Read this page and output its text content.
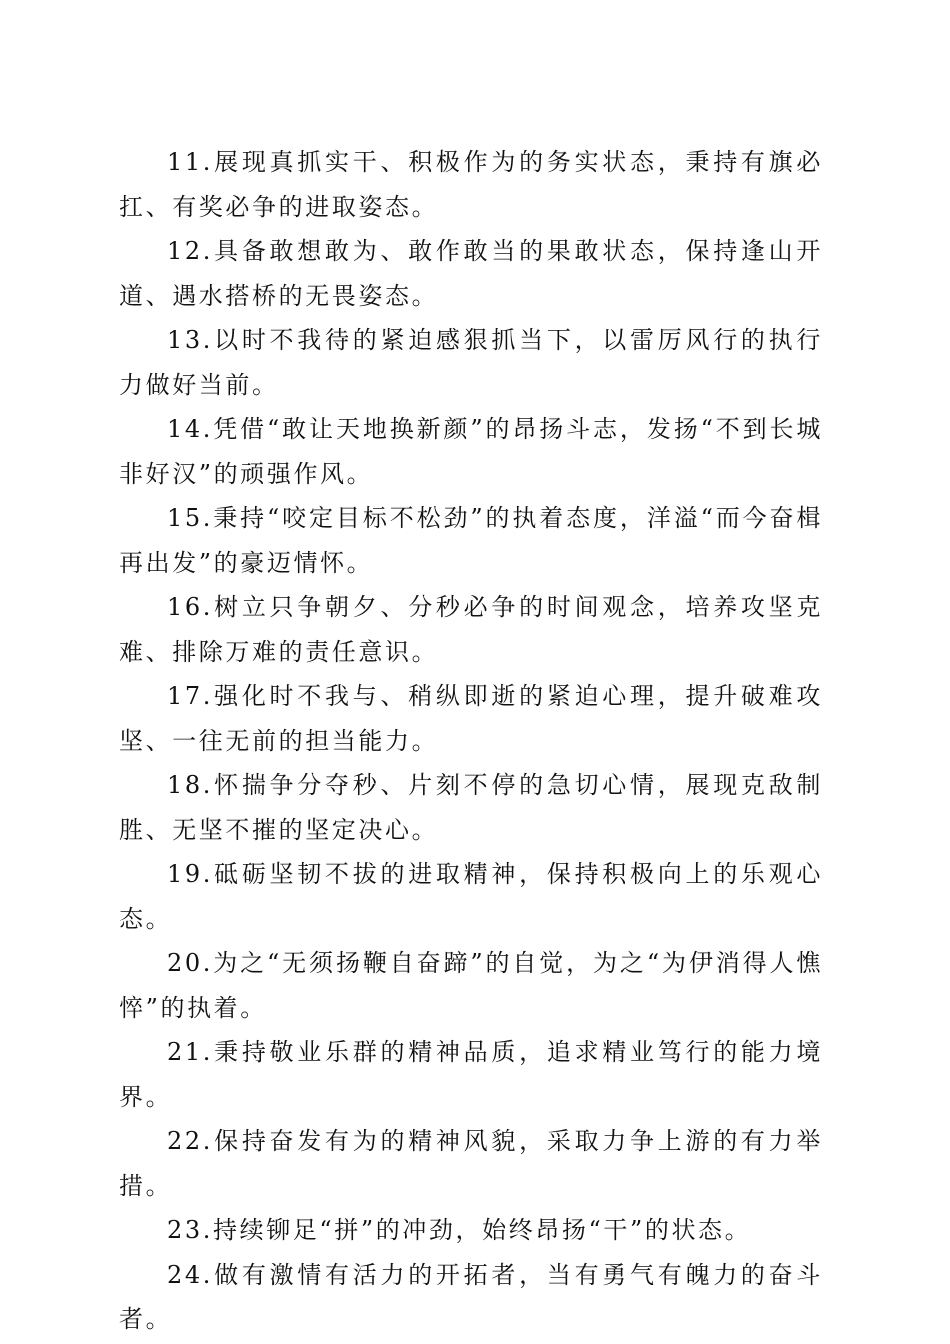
11.展现真抓实干、积极作为的务实状态，秉持有旗必扛、有奖必争的进取姿态。

12.具备敢想敢为、敢作敢当的果敢状态，保持逢山开道、遇水搭桥的无畏姿态。

13.以时不我待的紧迫感狠抓当下，以雷厉风行的执行力做好当前。

14.凭借“敢让天地换新颜”的昂扬斗志，发扬“不到长城非好汉”的顽强作风。

15.秉持“咬定目标不松劲”的执着态度，洋溢“而今奋楫再出发”的豪迈情怀。

16.树立只争朝夕、分秒必争的时间观念，培养攻坚克难、排除万难的责任意识。

17.强化时不我与、稍纵即逝的紧迫心理，提升破难攻坚、一往无前的担当能力。

18.怀揣争分夺秒、片刻不停的急切心情，展现克敌制胜、无坚不摧的坚定决心。

19.砥砺坚韧不拔的进取精神，保持积极向上的乐观心态。

20.为之“无须扬鞭自奋蹄”的自觉，为之“为伊消得人憔悴”的执着。

21.秉持敬业乐群的精神品质，追求精业笃行的能力境界。

22.保持奋发有为的精神风貌，采取力争上游的有力举措。

23.持续铆足“拼”的冲劲，始终昂扬“干”的状态。

24.做有激情有活力的开拓者，当有勇气有魄力的奋斗者。
